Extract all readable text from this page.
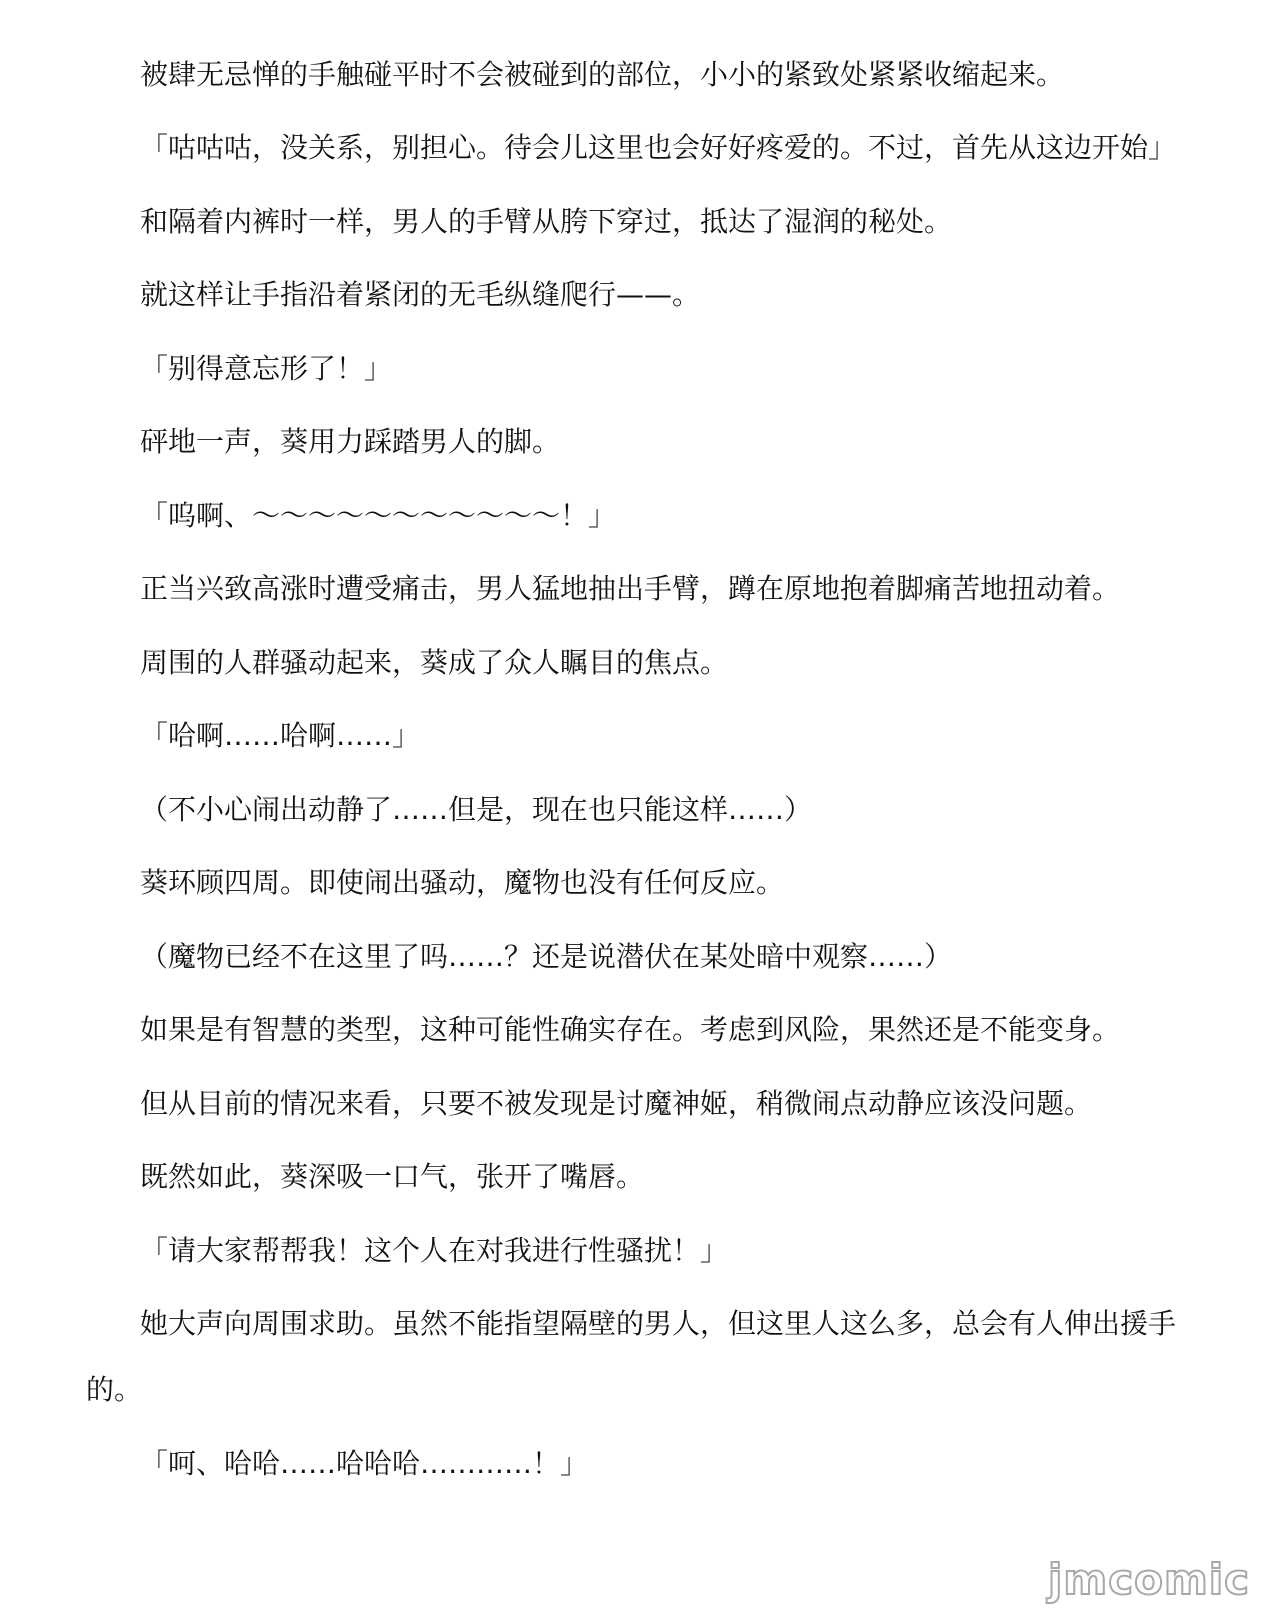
被肆无忌惮的手触碰平时不会被碰到的部位，小小的紧致处紧紧收缩起来。
「咕咕咕，没关系，别担心。待会儿这里也会好好疼爱的。不过，首先从这边开始」
和隔着内裤时一样，男人的手臂从胯下穿过，抵达了湿润的秘处。
就这样让手指沿着紧闭的无毛纵缝爬行——。
「别得意忘形了！」
砰地一声，葵用力踩踏男人的脚。
「呜啊、～～～～～～～～～～～！」
正当兴致高涨时遭受痛击，男人猛地抽出手臂，蹲在原地抱着脚痛苦地扭动着。
周围的人群骚动起来，葵成了众人瞩目的焦点。
「哈啊……哈啊……」
（不小心闹出动静了……但是，现在也只能这样……）
葵环顾四周。即使闹出骚动，魔物也没有任何反应。
（魔物已经不在这里了吗……？还是说潜伏在某处暗中观察……）
如果是有智慧的类型，这种可能性确实存在。考虑到风险，果然还是不能变身。
但从目前的情况来看，只要不被发现是讨魔神姬，稍微闹点动静应该没问题。
既然如此，葵深吸一口气，张开了嘴唇。
「请大家帮帮我！这个人在对我进行性骚扰！」
她大声向周围求助。虽然不能指望隔壁的男人，但这里人这么多，总会有人伸出援手
的。
「呵、哈哈……哈哈哈…………！」
jmcomic
